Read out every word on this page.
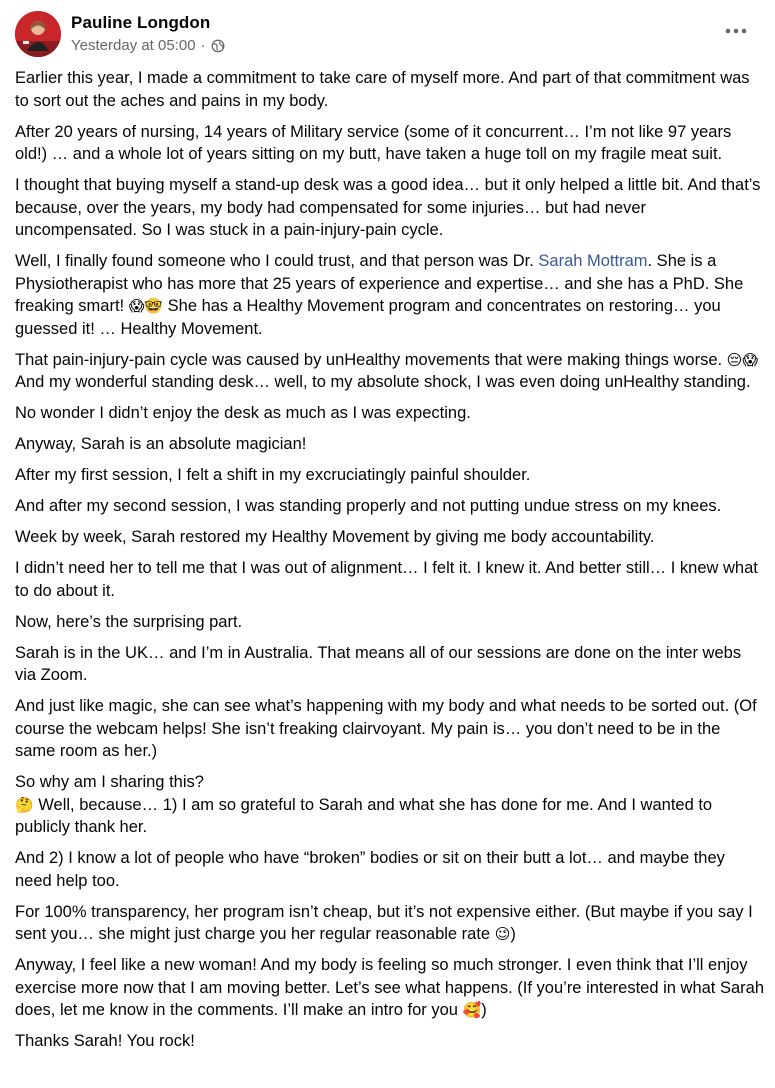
Pauline Longdon
Yesterday at 05:00 ·

Earlier this year, I made a commitment to take care of myself more. And part of that commitment was to sort out the aches and pains in my body.

After 20 years of nursing, 14 years of Military service (some of it concurrent… I’m not like 97 years old!) … and a whole lot of years sitting on my butt, have taken a huge toll on my fragile meat suit.

I thought that buying myself a stand-up desk was a good idea… but it only helped a little bit. And that’s because, over the years, my body had compensated for some injuries… but had never uncompensated. So I was stuck in a pain-injury-pain cycle.

Well, I finally found someone who I could trust, and that person was Dr. Sarah Mottram. She is a Physiotherapist who has more that 25 years of experience and expertise… and she has a PhD. She freaking smart! 😱🤓 She has a Healthy Movement program and concentrates on restoring… you guessed it! … Healthy Movement.

That pain-injury-pain cycle was caused by unHealthy movements that were making things worse. 😔😱 And my wonderful standing desk… well, to my absolute shock, I was even doing unHealthy standing.

No wonder I didn’t enjoy the desk as much as I was expecting.

Anyway, Sarah is an absolute magician!

After my first session, I felt a shift in my excruciatingly painful shoulder.

And after my second session, I was standing properly and not putting undue stress on my knees.

Week by week, Sarah restored my Healthy Movement by giving me body accountability.

I didn’t need her to tell me that I was out of alignment… I felt it. I knew it. And better still… I knew what to do about it.

Now, here’s the surprising part.

Sarah is in the UK… and I’m in Australia. That means all of our sessions are done on the inter webs via Zoom.

And just like magic, she can see what’s happening with my body and what needs to be sorted out. (Of course the webcam helps! She isn’t freaking clairvoyant. My pain is… you don’t need to be in the same room as her.)

So why am I sharing this?
🤔 Well, because… 1) I am so grateful to Sarah and what she has done for me. And I wanted to publicly thank her.

And 2) I know a lot of people who have “broken” bodies or sit on their butt a lot… and maybe they need help too.

For 100% transparency, her program isn’t cheap, but it’s not expensive either. (But maybe if you say I sent you… she might just charge you her regular reasonable rate 😉)

Anyway, I feel like a new woman! And my body is feeling so much stronger. I even think that I’ll enjoy exercise more now that I am moving better. Let’s see what happens. (If you’re interested in what Sarah does, let me know in the comments. I’ll make an intro for you 🥰)

Thanks Sarah! You rock!
